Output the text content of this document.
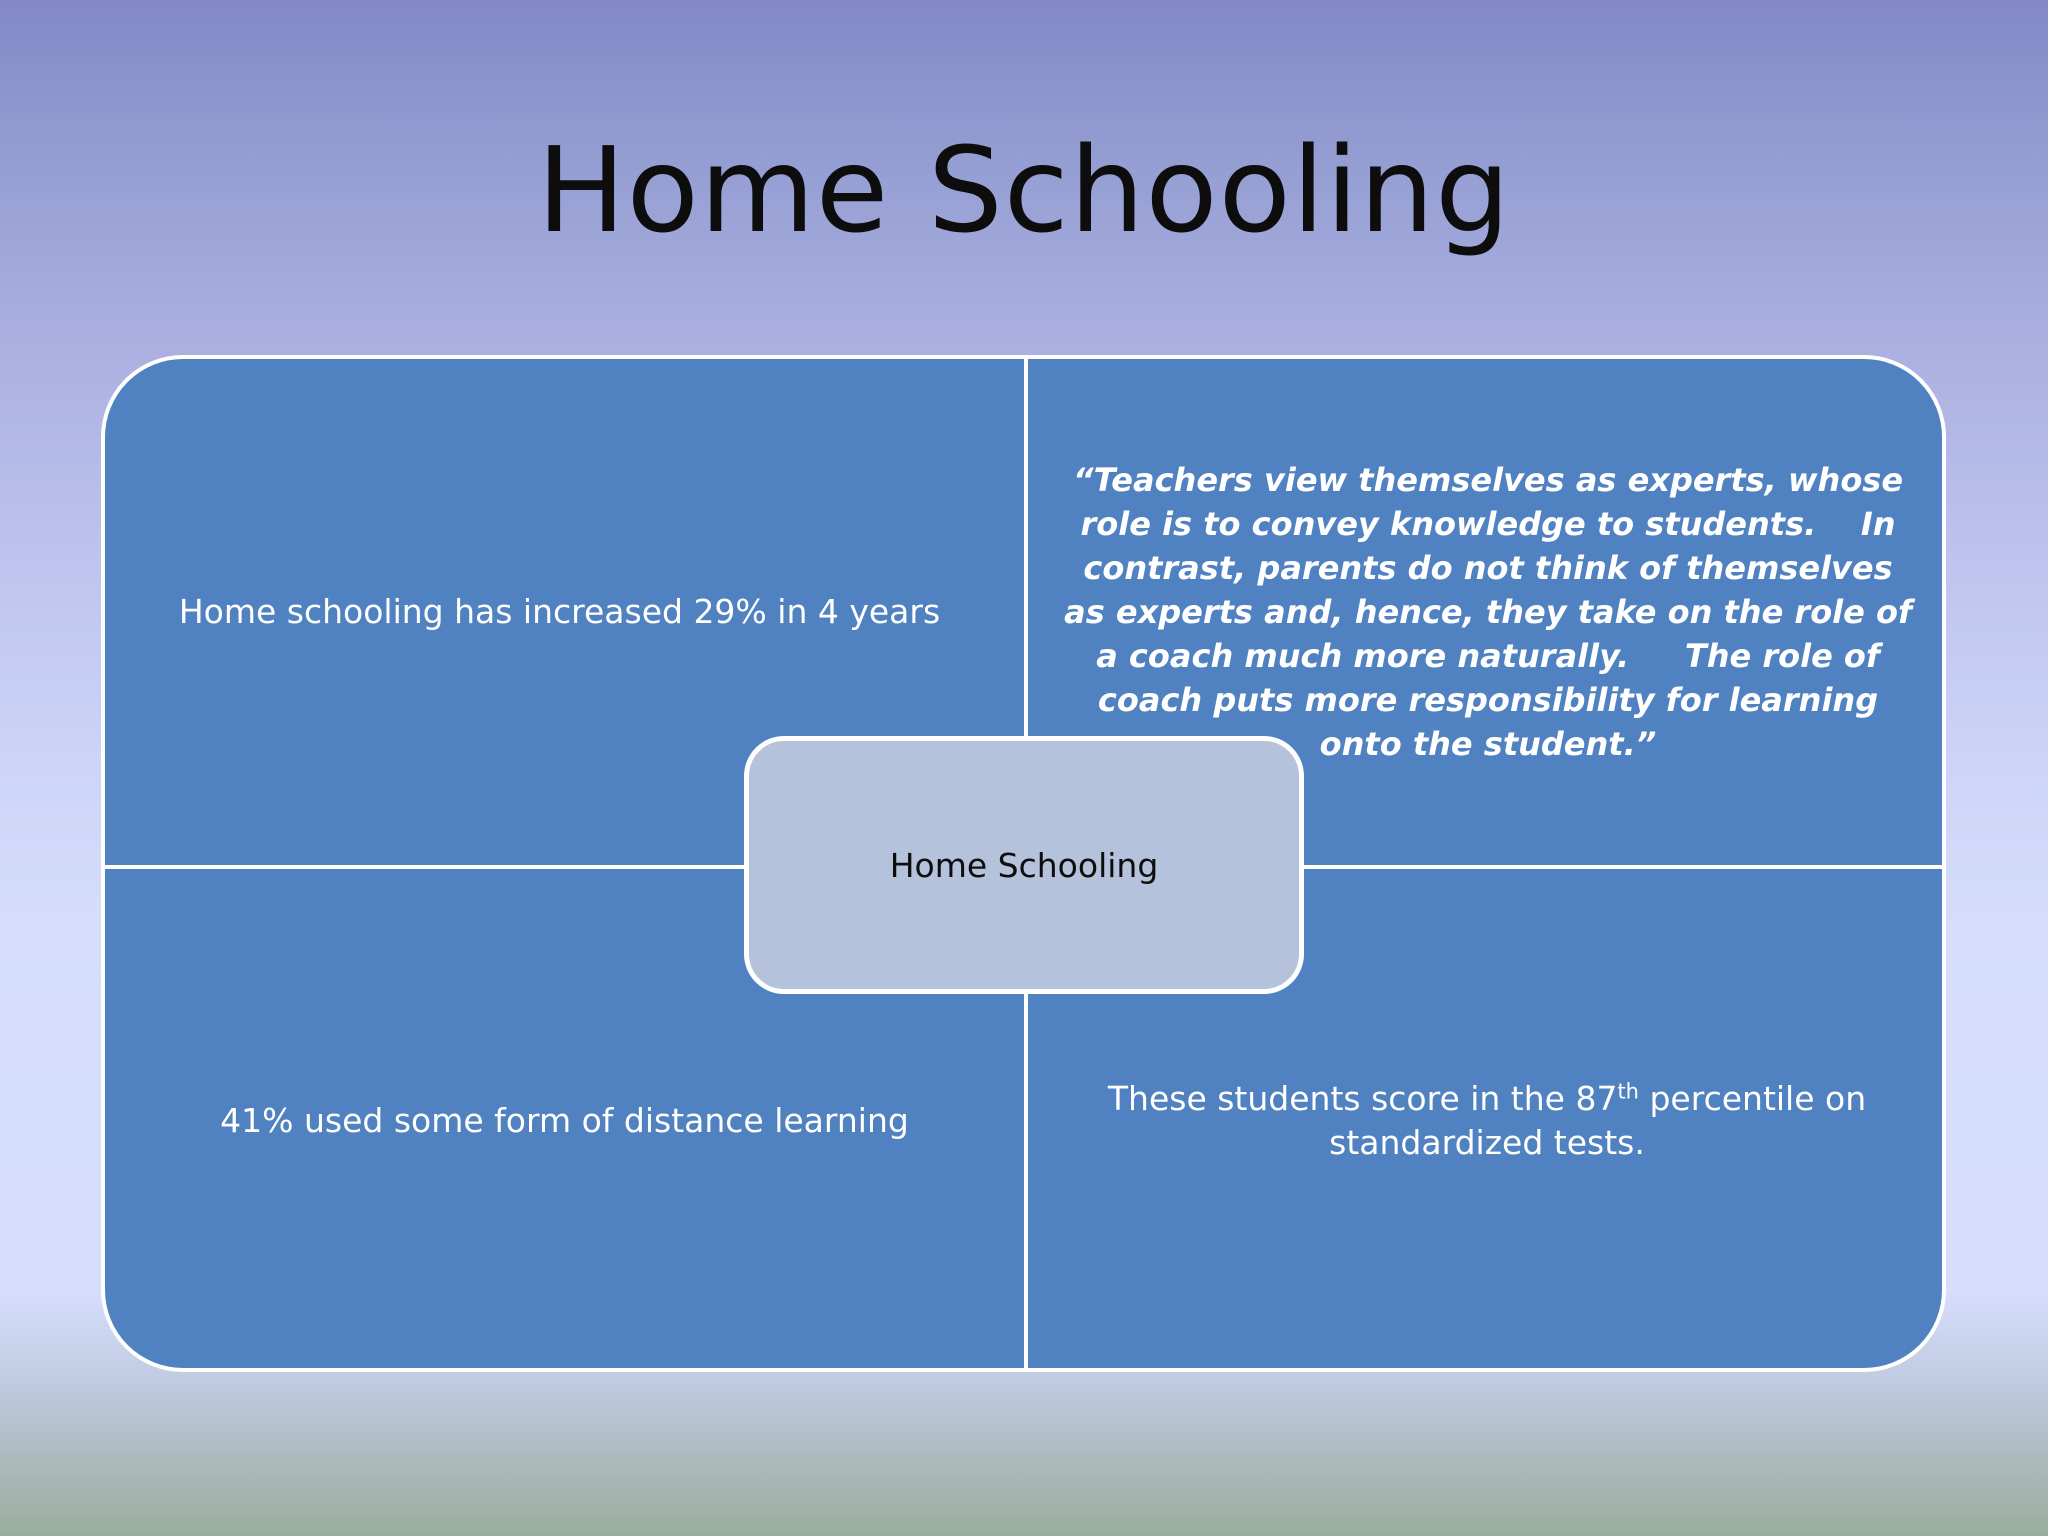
Home Schooling
Home schooling has increased 29% in 4 years
“Teachers view themselves as experts, whose role is to convey knowledge to students.    In contrast, parents do not think of themselves as experts and, hence, they take on the role of a coach much more naturally.     The role of coach puts more responsibility for learning onto the student.”
41% used some form of distance learning
These students score in the 87th percentile on standardized tests.
Home Schooling
